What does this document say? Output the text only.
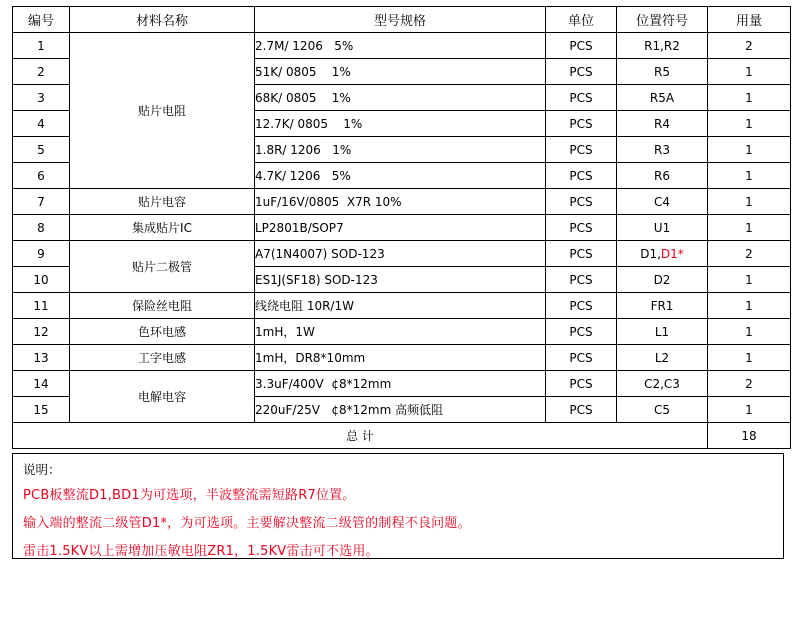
编号	材料名称	型号规格	单位	位置符号	用量
1	贴片电阻	2.7M/ 1206   5%	PCS	R1,R2	2
2		51K/ 0805    1%	PCS	R5	1
3		68K/ 0805    1%	PCS	R5A	1
4		12.7K/ 0805    1%	PCS	R4	1
5		1.8R/ 1206   1%	PCS	R3	1
6		4.7K/ 1206   5%	PCS	R6	1
7	贴片电容	1uF/16V/0805  X7R 10%	PCS	C4	1
8	集成贴片IC	LP2801B/SOP7	PCS	U1	1
9	贴片二极管	A7(1N4007) SOD-123	PCS	D1,D1*	2
10		ES1J(SF18) SOD-123	PCS	D2	1
11	保险丝电阻	线绕电阻 10R/1W	PCS	FR1	1
12	色环电感	1mH，1W	PCS	L1	1
13	工字电感	1mH，DR8*10mm	PCS	L2	1
14	电解电容	3.3uF/400V  ¢8*12mm	PCS	C2,C3	2
15		220uF/25V   ¢8*12mm 高频低阻	PCS	C5	1
总 计					18
说明：
PCB板整流D1,BD1为可选项，半波整流需短路R7位置。
输入端的整流二级管D1*，为可选项。主要解决整流二级管的制程不良问题。
雷击1.5KV以上需增加压敏电阻ZR1，1.5KV雷击可不选用。
